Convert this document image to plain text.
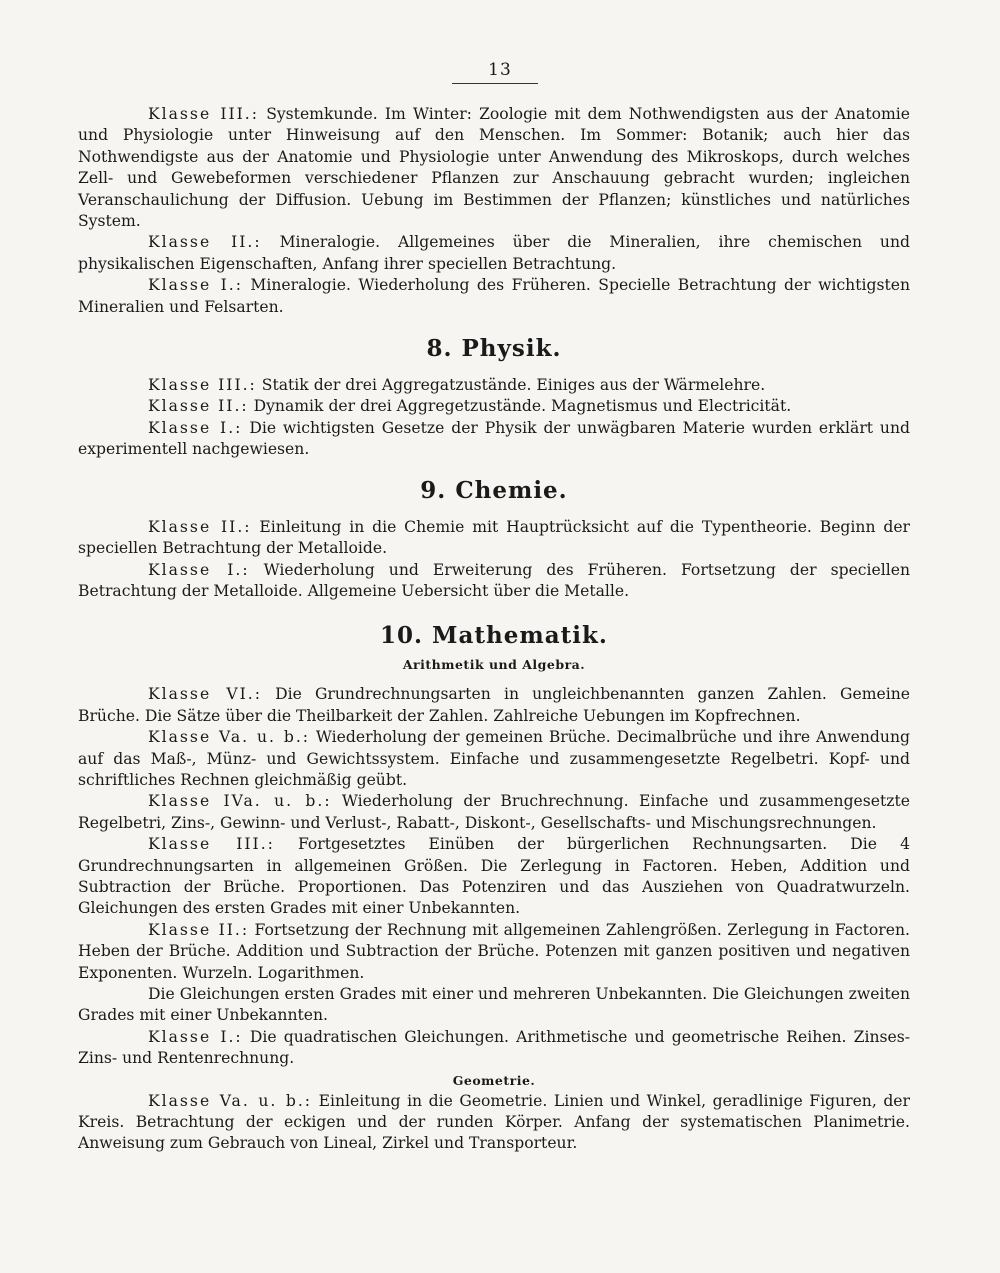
13

Klasse III.: Systemkunde. Im Winter: Zoologie mit dem Nothwendigsten aus der Anatomie und Physiologie unter Hinweisung auf den Menschen. Im Sommer: Botanik; auch hier das Nothwendigste aus der Anatomie und Physiologie unter Anwendung des Mikroskops, durch welches Zell- und Gewebeformen verschiedener Pflanzen zur Anschauung gebracht wurden; ingleichen Veranschaulichung der Diffusion. Uebung im Bestimmen der Pflanzen; künstliches und natürliches System.

Klasse II.: Mineralogie. Allgemeines über die Mineralien, ihre chemischen und physikalischen Eigenschaften, Anfang ihrer speciellen Betrachtung.

Klasse I.: Mineralogie. Wiederholung des Früheren. Specielle Betrachtung der wichtigsten Mineralien und Felsarten.

8. Physik.

Klasse III.: Statik der drei Aggregatzustände. Einiges aus der Wärmelehre.

Klasse II.: Dynamik der drei Aggregetzustände. Magnetismus und Electricität.

Klasse I.: Die wichtigsten Gesetze der Physik der unwägbaren Materie wurden erklärt und experimentell nachgewiesen.

9. Chemie.

Klasse II.: Einleitung in die Chemie mit Hauptrücksicht auf die Typentheorie. Beginn der speciellen Betrachtung der Metalloide.

Klasse I.: Wiederholung und Erweiterung des Früheren. Fortsetzung der speciellen Betrachtung der Metalloide. Allgemeine Uebersicht über die Metalle.

10. Mathematik.
Arithmetik und Algebra.

Klasse VI.: Die Grundrechnungsarten in ungleichbenannten ganzen Zahlen. Gemeine Brüche. Die Sätze über die Theilbarkeit der Zahlen. Zahlreiche Uebungen im Kopfrechnen.

Klasse Va. u. b.: Wiederholung der gemeinen Brüche. Decimalbrüche und ihre Anwendung auf das Maß-, Münz- und Gewichtssystem. Einfache und zusammengesetzte Regelbetri. Kopf- und schriftliches Rechnen gleichmäßig geübt.

Klasse IVa. u. b.: Wiederholung der Bruchrechnung. Einfache und zusammengesetzte Regelbetri, Zins-, Gewinn- und Verlust-, Rabatt-, Diskont-, Gesellschafts- und Mischungsrechnungen.

Klasse III.: Fortgesetztes Einüben der bürgerlichen Rechnungsarten. Die 4 Grundrechnungsarten in allgemeinen Größen. Die Zerlegung in Factoren. Heben, Addition und Subtraction der Brüche. Proportionen. Das Potenziren und das Ausziehen von Quadratwurzeln. Gleichungen des ersten Grades mit einer Unbekannten.

Klasse II.: Fortsetzung der Rechnung mit allgemeinen Zahlengrößen. Zerlegung in Factoren. Heben der Brüche. Addition und Subtraction der Brüche. Potenzen mit ganzen positiven und negativen Exponenten. Wurzeln. Logarithmen.

Die Gleichungen ersten Grades mit einer und mehreren Unbekannten. Die Gleichungen zweiten Grades mit einer Unbekannten.

Klasse I.: Die quadratischen Gleichungen. Arithmetische und geometrische Reihen. Zinses-Zins- und Rentenrechnung.

Geometrie.

Klasse Va. u. b.: Einleitung in die Geometrie. Linien und Winkel, geradlinige Figuren, der Kreis. Betrachtung der eckigen und der runden Körper. Anfang der systematischen Planimetrie. Anweisung zum Gebrauch von Lineal, Zirkel und Transporteur.
